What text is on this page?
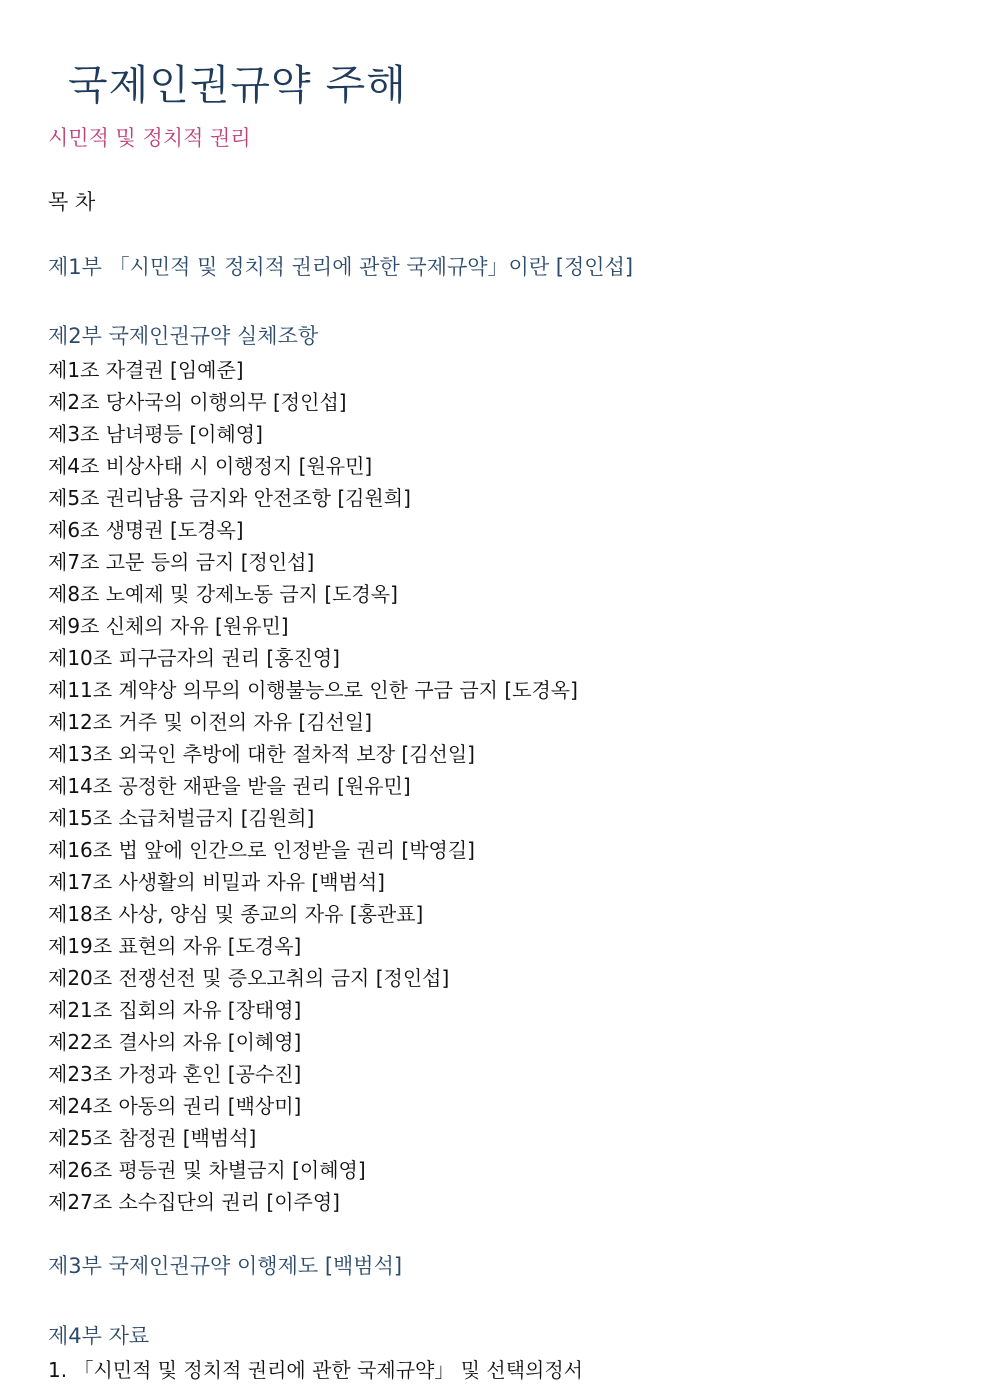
국제인권규약 주해
시민적 및 정치적 권리
목 차
제1부 「시민적 및 정치적 권리에 관한 국제규약」이란 [정인섭]
제2부 국제인권규약 실체조항
제1조 자결권 [임예준]
제2조 당사국의 이행의무 [정인섭]
제3조 남녀평등 [이혜영]
제4조 비상사태 시 이행정지 [원유민]
제5조 권리남용 금지와 안전조항 [김원희]
제6조 생명권 [도경옥]
제7조 고문 등의 금지 [정인섭]
제8조 노예제 및 강제노동 금지 [도경옥]
제9조 신체의 자유 [원유민]
제10조 피구금자의 권리 [홍진영]
제11조 계약상 의무의 이행불능으로 인한 구금 금지 [도경옥]
제12조 거주 및 이전의 자유 [김선일]
제13조 외국인 추방에 대한 절차적 보장 [김선일]
제14조 공정한 재판을 받을 권리 [원유민]
제15조 소급처벌금지 [김원희]
제16조 법 앞에 인간으로 인정받을 권리 [박영길]
제17조 사생활의 비밀과 자유 [백범석]
제18조 사상, 양심 및 종교의 자유 [홍관표]
제19조 표현의 자유 [도경옥]
제20조 전쟁선전 및 증오고취의 금지 [정인섭]
제21조 집회의 자유 [장태영]
제22조 결사의 자유 [이혜영]
제23조 가정과 혼인 [공수진]
제24조 아동의 권리 [백상미]
제25조 참정권 [백범석]
제26조 평등권 및 차별금지 [이혜영]
제27조 소수집단의 권리 [이주영]
제3부 국제인권규약 이행제도 [백범석]
제4부 자료
1. 「시민적 및 정치적 권리에 관한 국제규약」 및 선택의정서
